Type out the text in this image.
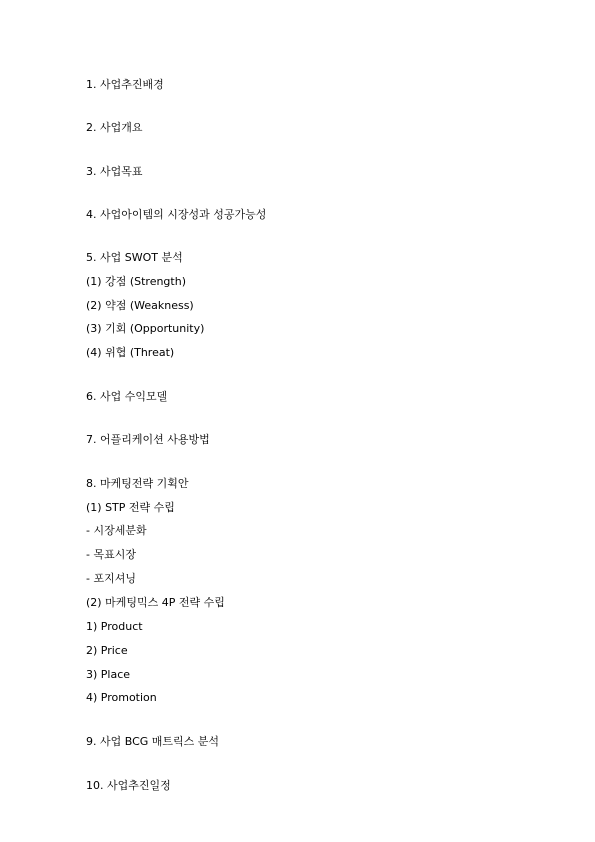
1. 사업추진배경
2. 사업개요
3. 사업목표
4. 사업아이템의 시장성과 성공가능성
5. 사업 SWOT 분석
(1) 강점 (Strength)
(2) 약점 (Weakness)
(3) 기회 (Opportunity)
(4) 위협 (Threat)
6. 사업 수익모델
7. 어플리케이션 사용방법
8. 마케팅전략 기획안
(1) STP 전략 수립
- 시장세분화
- 목표시장
- 포지셔닝
(2) 마케팅믹스 4P 전략 수립
1) Product
2) Price
3) Place
4) Promotion
9. 사업 BCG 매트릭스 분석
10. 사업추진일정
